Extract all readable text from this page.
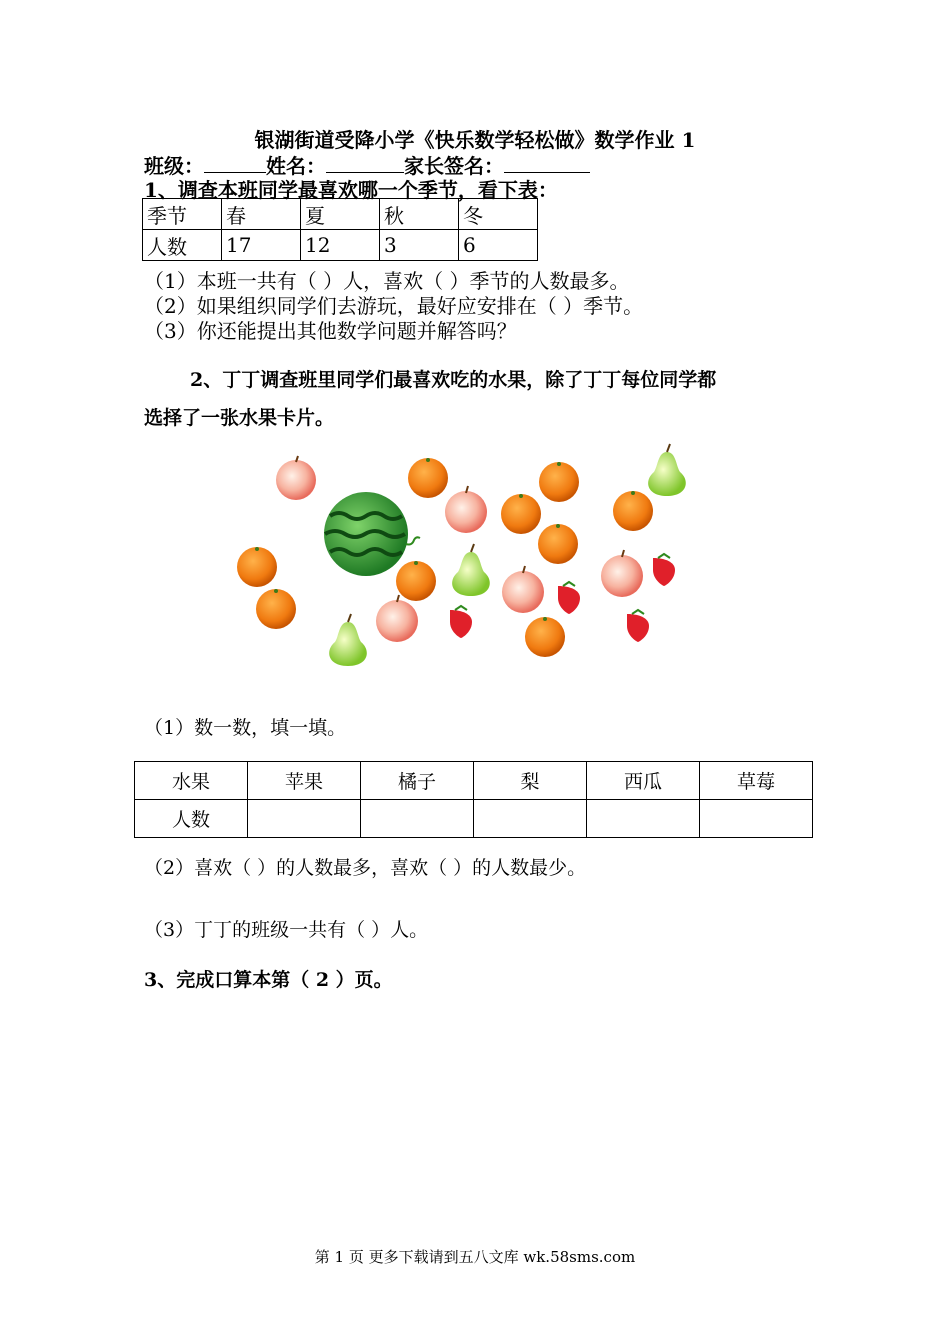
银湖街道受降小学《快乐数学轻松做》数学作业 1
班级：	姓名：	家长签名：
1、调查本班同学最喜欢哪一个季节，看下表：
季节	春	夏	秋	冬
人数	17	12	3	6
（1）本班一共有（ ）人，喜欢（ ）季节的人数最多。
（2）如果组织同学们去游玩，最好应安排在（ ）季节。
（3）你还能提出其他数学问题并解答吗？
2、丁丁调查班里同学们最喜欢吃的水果，除了丁丁每位同学都
选择了一张水果卡片。
（1）数一数，填一填。
水果	苹果	橘子	梨	西瓜	草莓
人数					
（2）喜欢（ ）的人数最多，喜欢（ ）的人数最少。
（3）丁丁的班级一共有（ ）人。
3、完成口算本第（ 2 ）页。
第 1 页 更多下载请到五八文库 wk.58sms.com
